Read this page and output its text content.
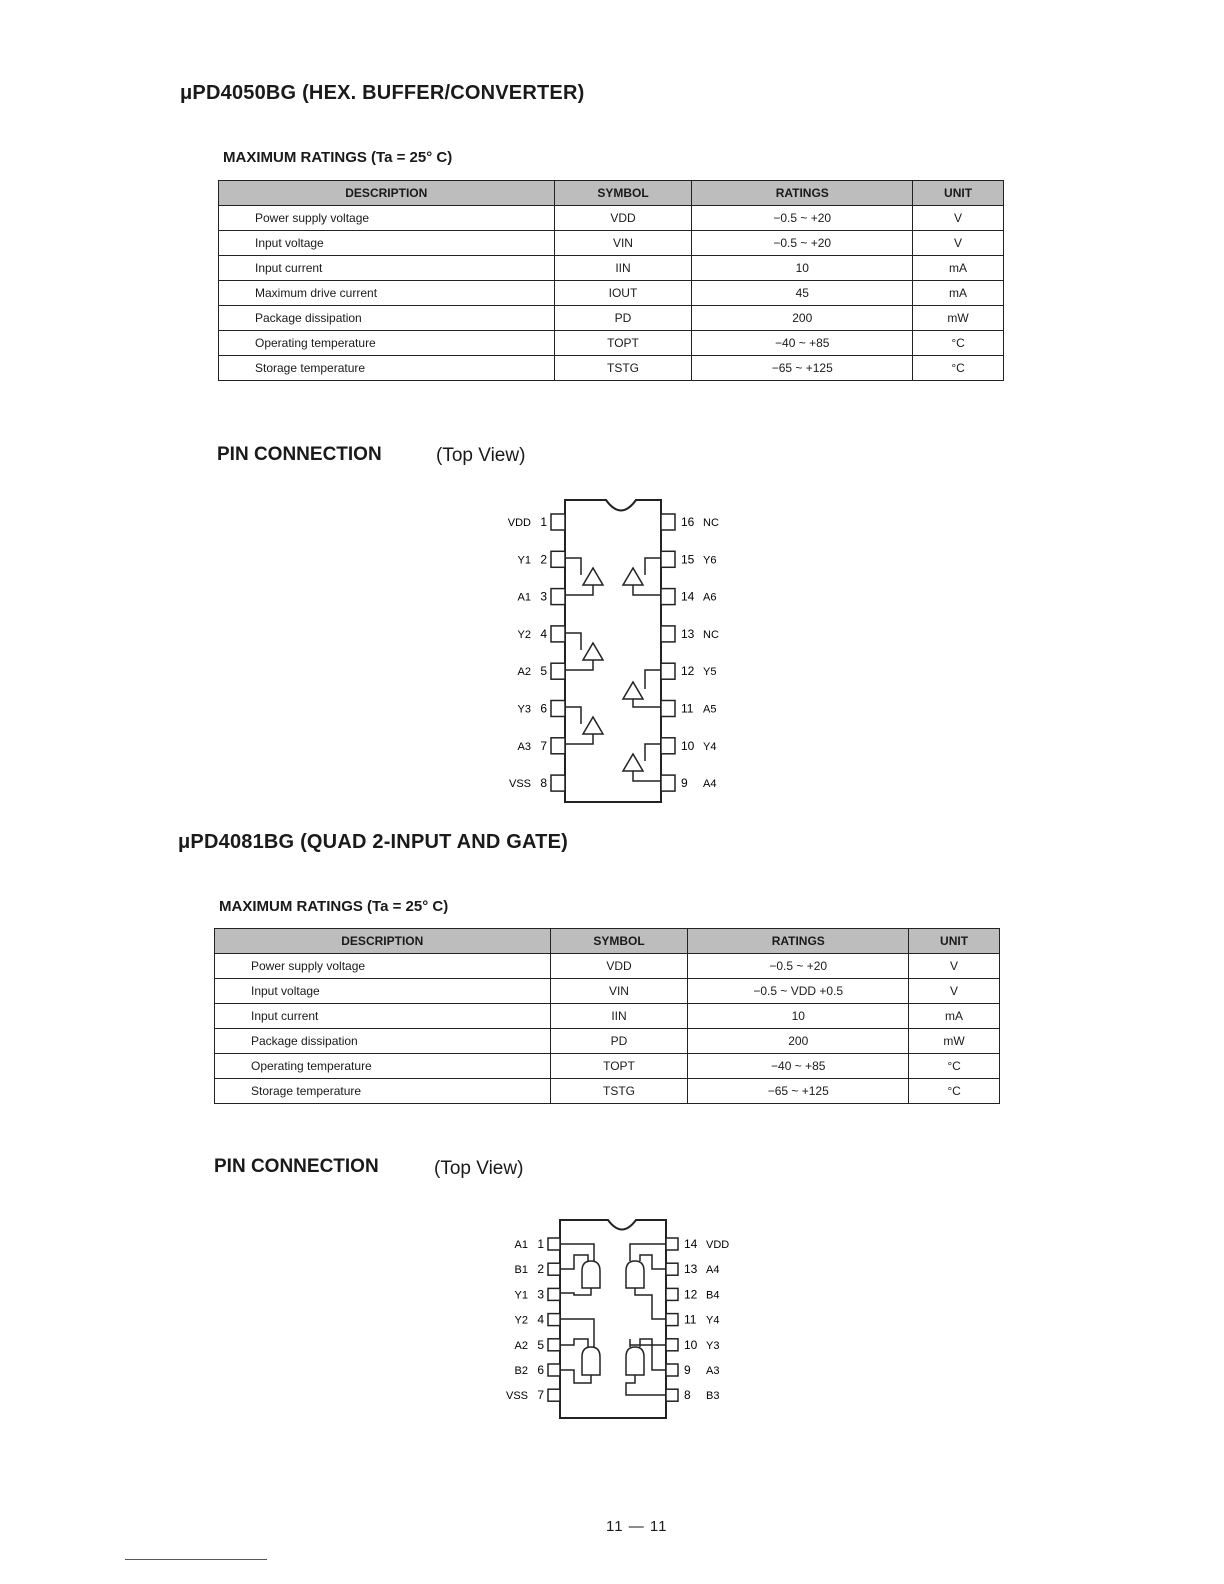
μPD4050BG (HEX. BUFFER/CONVERTER)
MAXIMUM RATINGS (Ta = 25° C)
DESCRIPTION	SYMBOL	RATINGS	UNIT
Power supply voltage	VDD	−0.5 ~ +20	V
Input voltage	VIN	−0.5 ~ +20	V
Input current	IIN	10	mA
Maximum drive current	IOUT	45	mA
Package dissipation	PD	200	mW
Operating temperature	TOPT	−40 ~ +85	°C
Storage temperature	TSTG	−65 ~ +125	°C
PIN CONNECTION	(Top View)
1
VDD
2
Y1
3
A1
4
Y2
5
A2
6
Y3
7
A3
8
VSS
16 NC
15 Y6
14 A6
13 NC
12 Y5
11 A5
10 Y4
9 A4
μPD4081BG (QUAD 2-INPUT AND GATE)
MAXIMUM RATINGS (Ta = 25° C)
DESCRIPTION	SYMBOL	RATINGS	UNIT
Power supply voltage	VDD	−0.5 ~ +20	V
Input voltage	VIN	−0.5 ~ VDD +0.5	V
Input current	IIN	10	mA
Package dissipation	PD	200	mW
Operating temperature	TOPT	−40 ~ +85	°C
Storage temperature	TSTG	−65 ~ +125	°C
PIN CONNECTION	(Top View)
1
A1
2
B1
3
Y1
4
Y2
5
A2
6
B2
7
VSS
14 VDD
13 A4
12 B4
11 Y4
10 Y3
9 A3
8 B3
11 — 11
